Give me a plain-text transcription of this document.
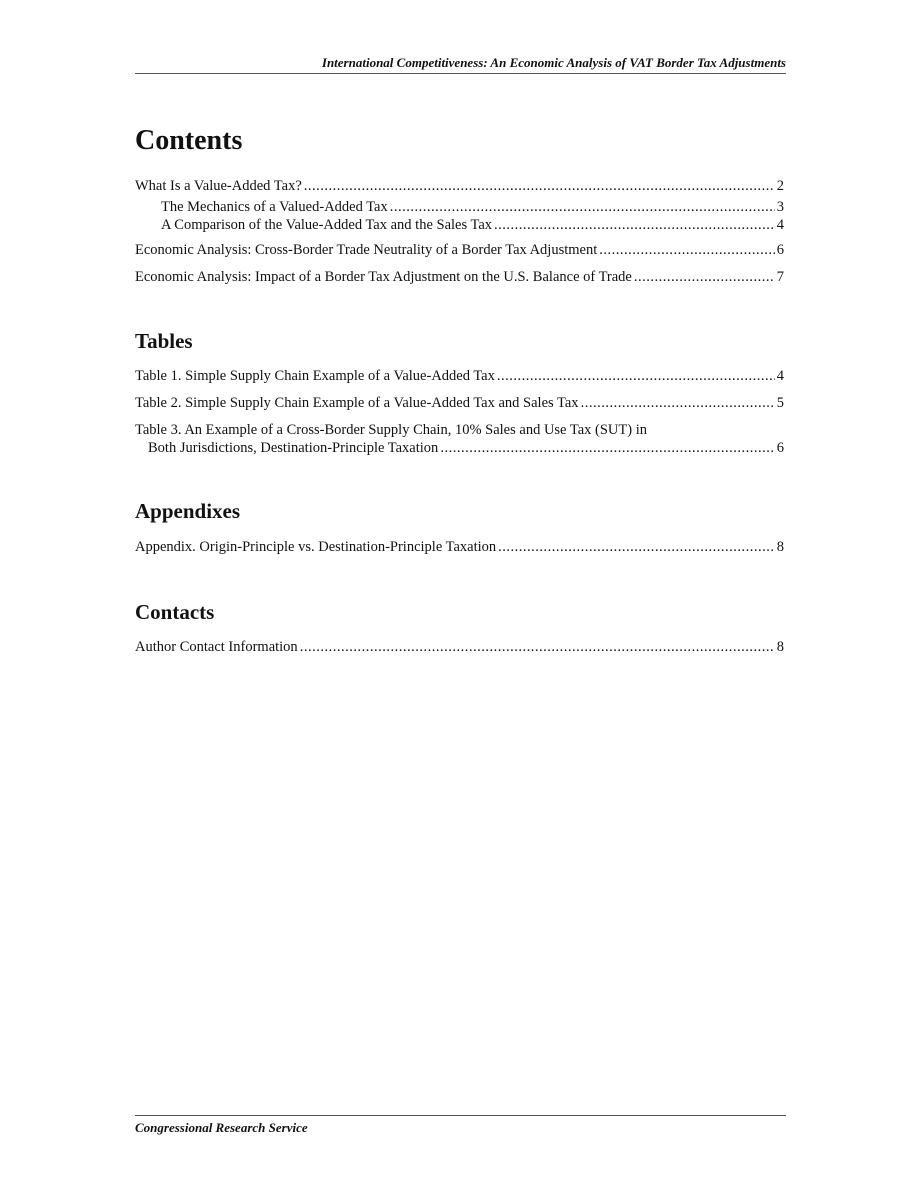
International Competitiveness: An Economic Analysis of VAT Border Tax Adjustments
Contents
What Is a Value-Added Tax? .....	2
The Mechanics of a Valued-Added Tax .....	3
A Comparison of the Value-Added Tax and the Sales Tax .....	4
Economic Analysis: Cross-Border Trade Neutrality of a Border Tax Adjustment .....	6
Economic Analysis: Impact of a Border Tax Adjustment on the U.S. Balance of Trade .....	7
Tables
Table 1. Simple Supply Chain Example of a Value-Added Tax .....	4
Table 2. Simple Supply Chain Example of a Value-Added Tax and Sales Tax .....	5
Table 3. An Example of a Cross-Border Supply Chain, 10% Sales and Use Tax (SUT) in
Both Jurisdictions, Destination-Principle Taxation .....	6
Appendixes
Appendix. Origin-Principle vs. Destination-Principle Taxation .....	8
Contacts
Author Contact Information .....	8
Congressional Research Service
